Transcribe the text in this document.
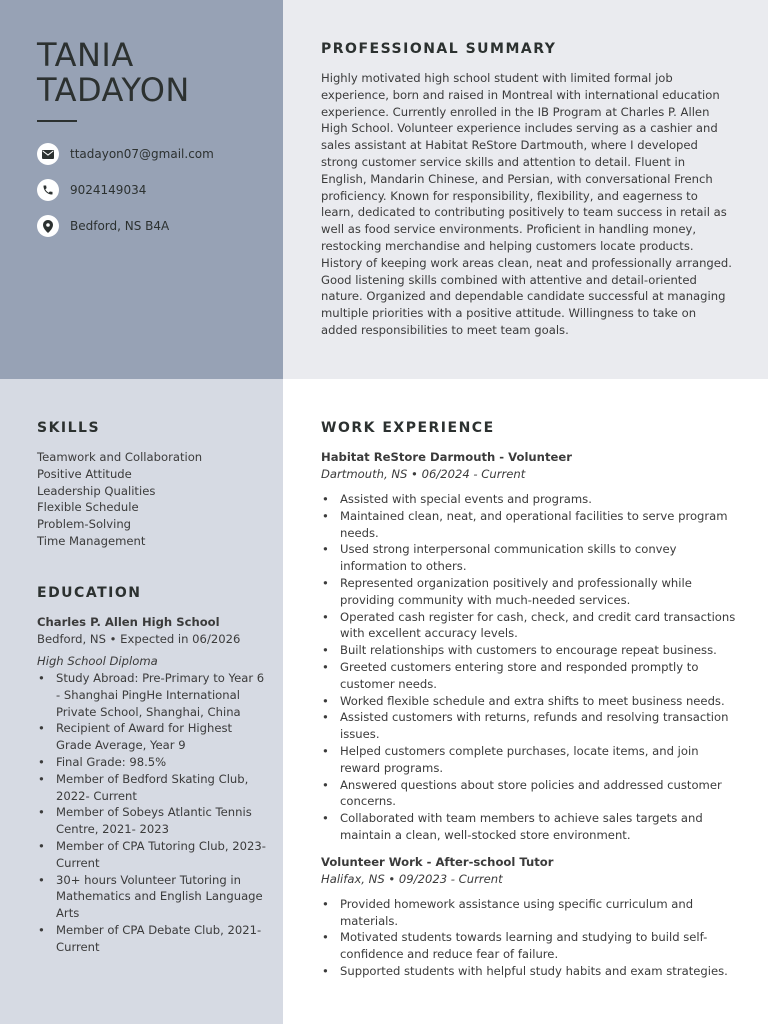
TANIA
TADAYON
ttadayon07@gmail.com
9024149034
Bedford, NS B4A
PROFESSIONAL SUMMARY

Highly motivated high school student with limited formal job experience, born and raised in Montreal with international education experience. Currently enrolled in the IB Program at Charles P. Allen High School. Volunteer experience includes serving as a cashier and sales assistant at Habitat ReStore Dartmouth, where I developed strong customer service skills and attention to detail. Fluent in English, Mandarin Chinese, and Persian, with conversational French proficiency. Known for responsibility, flexibility, and eagerness to learn, dedicated to contributing positively to team success in retail as well as food service environments. Proficient in handling money, restocking merchandise and helping customers locate products. History of keeping work areas clean, neat and professionally arranged. Good listening skills combined with attentive and detail-oriented nature. Organized and dependable candidate successful at managing multiple priorities with a positive attitude. Willingness to take on added responsibilities to meet team goals.

SKILLS
Teamwork and Collaboration
Positive Attitude
Leadership Qualities
Flexible Schedule
Problem-Solving
Time Management
EDUCATION
Charles P. Allen High School
Bedford, NS • Expected in 06/2026
High School Diploma
• Study Abroad: Pre-Primary to Year 6 - Shanghai PingHe International Private School, Shanghai, China
• Recipient of Award for Highest Grade Average, Year 9
• Final Grade: 98.5%
• Member of Bedford Skating Club, 2022- Current
• Member of Sobeys Atlantic Tennis Centre, 2021- 2023
• Member of CPA Tutoring Club, 2023- Current
• 30+ hours Volunteer Tutoring in Mathematics and English Language Arts
• Member of CPA Debate Club, 2021- Current
WORK EXPERIENCE
Habitat ReStore Darmouth - Volunteer
Dartmouth, NS • 06/2024 - Current
• Assisted with special events and programs.
• Maintained clean, neat, and operational facilities to serve program needs.
• Used strong interpersonal communication skills to convey information to others.
• Represented organization positively and professionally while providing community with much-needed services.
• Operated cash register for cash, check, and credit card transactions with excellent accuracy levels.
• Built relationships with customers to encourage repeat business.
• Greeted customers entering store and responded promptly to customer needs.
• Worked flexible schedule and extra shifts to meet business needs.
• Assisted customers with returns, refunds and resolving transaction issues.
• Helped customers complete purchases, locate items, and join reward programs.
• Answered questions about store policies and addressed customer concerns.
• Collaborated with team members to achieve sales targets and maintain a clean, well-stocked store environment.
Volunteer Work - After-school Tutor
Halifax, NS • 09/2023 - Current
• Provided homework assistance using specific curriculum and materials.
• Motivated students towards learning and studying to build self-confidence and reduce fear of failure.
• Supported students with helpful study habits and exam strategies.
